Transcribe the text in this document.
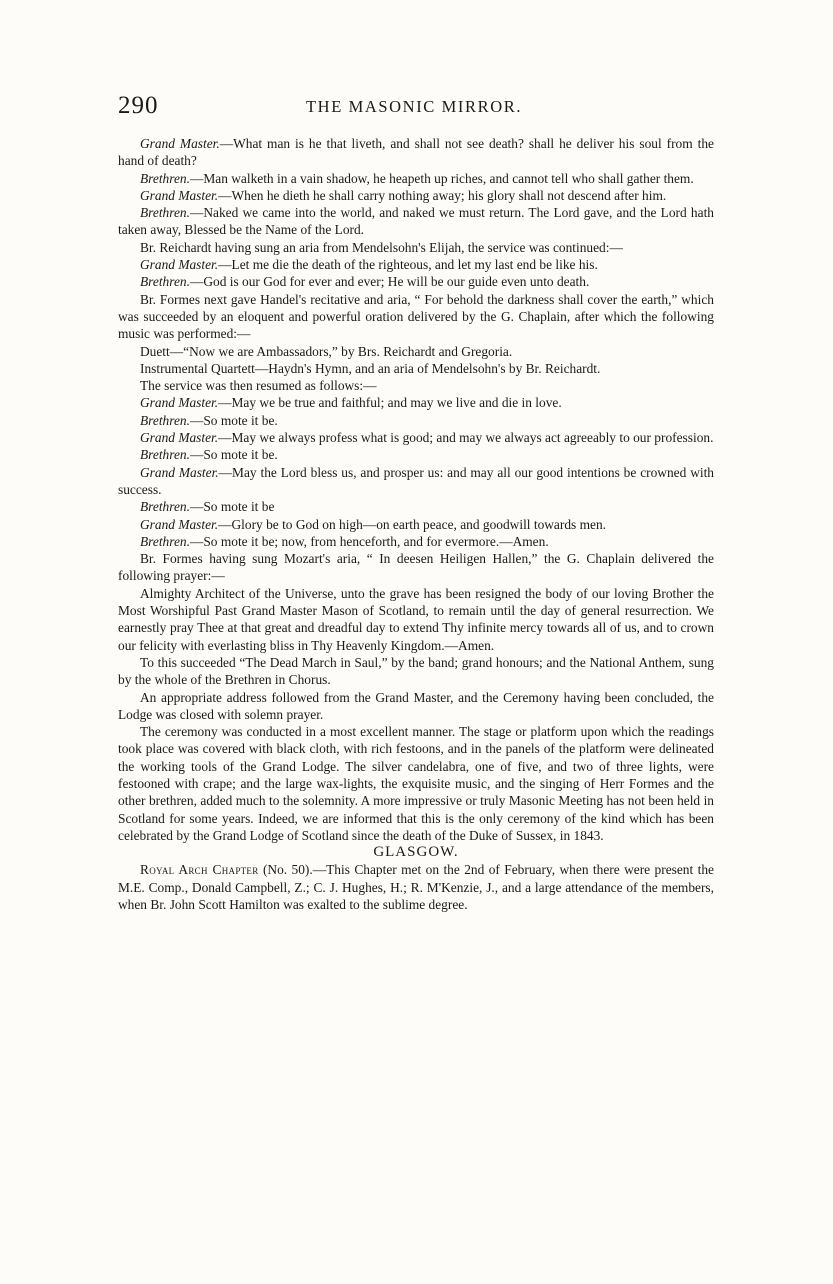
290	THE MASONIC MIRROR.

Grand Master.—What man is he that liveth, and shall not see death? shall he deliver his soul from the hand of death?

Brethren.—Man walketh in a vain shadow, he heapeth up riches, and cannot tell who shall gather them.

Grand Master.—When he dieth he shall carry nothing away; his glory shall not descend after him.

Brethren.—Naked we came into the world, and naked we must return. The Lord gave, and the Lord hath taken away, Blessed be the Name of the Lord.

Br. Reichardt having sung an aria from Mendelsohn's Elijah, the service was continued:—

Grand Master.—Let me die the death of the righteous, and let my last end be like his.

Brethren.—God is our God for ever and ever; He will be our guide even unto death.

Br. Formes next gave Handel's recitative and aria, “ For behold the darkness shall cover the earth,” which was succeeded by an eloquent and powerful oration delivered by the G. Chaplain, after which the following music was performed:—

Duett—“Now we are Ambassadors,” by Brs. Reichardt and Gregoria.

Instrumental Quartett—Haydn's Hymn, and an aria of Mendelsohn's by Br. Reichardt.

The service was then resumed as follows:—

Grand Master.—May we be true and faithful; and may we live and die in love.

Brethren.—So mote it be.

Grand Master.—May we always profess what is good; and may we always act agreeably to our profession.

Brethren.—So mote it be.

Grand Master.—May the Lord bless us, and prosper us: and may all our good intentions be crowned with success.

Brethren.—So mote it be

Grand Master.—Glory be to God on high—on earth peace, and goodwill towards men.

Brethren.—So mote it be; now, from henceforth, and for evermore.—Amen.

Br. Formes having sung Mozart's aria, “ In deesen Heiligen Hallen,” the G. Chaplain delivered the following prayer:—

Almighty Architect of the Universe, unto the grave has been resigned the body of our loving Brother the Most Worshipful Past Grand Master Mason of Scotland, to remain until the day of general resurrection. We earnestly pray Thee at that great and dreadful day to extend Thy infinite mercy towards all of us, and to crown our felicity with everlasting bliss in Thy Heavenly Kingdom.—Amen.

To this succeeded “The Dead March in Saul,” by the band; grand honours; and the National Anthem, sung by the whole of the Brethren in Chorus.

An appropriate address followed from the Grand Master, and the Ceremony having been concluded, the Lodge was closed with solemn prayer.

The ceremony was conducted in a most excellent manner. The stage or platform upon which the readings took place was covered with black cloth, with rich festoons, and in the panels of the platform were delineated the working tools of the Grand Lodge. The silver candelabra, one of five, and two of three lights, were festooned with crape; and the large wax-lights, the exquisite music, and the singing of Herr Formes and the other brethren, added much to the solemnity. A more impressive or truly Masonic Meeting has not been held in Scotland for some years. Indeed, we are informed that this is the only ceremony of the kind which has been celebrated by the Grand Lodge of Scotland since the death of the Duke of Sussex, in 1843.

GLASGOW.

Royal Arch Chapter (No. 50).—This Chapter met on the 2nd of February, when there were present the M.E. Comp., Donald Campbell, Z.; C. J. Hughes, H.; R. M'Kenzie, J., and a large attendance of the members, when Br. John Scott Hamilton was exalted to the sublime degree.
